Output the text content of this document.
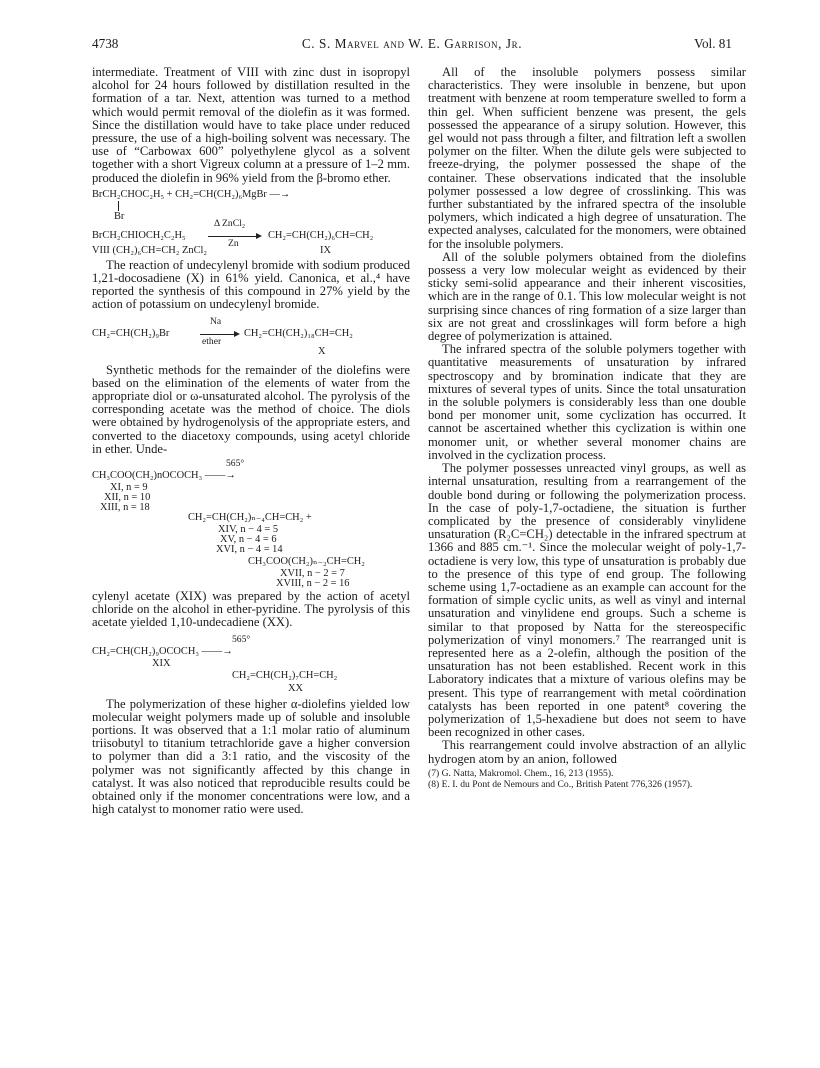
4738	C. S. Marvel and W. E. Garrison, Jr.	Vol. 81

intermediate. Treatment of VIII with zinc dust in isopropyl alcohol for 24 hours followed by distillation resulted in the formation of a tar. Next, attention was turned to a method which would permit removal of the diolefin as it was formed. Since the distillation would have to take place under reduced pressure, the use of a high-boiling solvent was necessary. The use of “Carbowax 600” polyethylene glycol as a solvent together with a short Vigreux column at a pressure of 1–2 mm. produced the diolefin in 96% yield from the β-bromo ether.

BrCH₂CHOC₂H₅ + CH₂=CH(CH₂)₆MgBr —→
Br
Δ ZnCl₂
BrCH₂CHIOCH₂C₂H₅
Zn
CH₂=CH(CH₂)₆CH=CH₂
VIII (CH₂)₆CH=CH₂ ZnCl₂	IX

The reaction of undecylenyl bromide with sodium produced 1,21-docosadiene (X) in 61% yield. Canonica, et al.,⁴ have reported the synthesis of this compound in 27% yield by the action of potassium on undecylenyl bromide.

Na
CH₂=CH(CH₂)₉Br
ether
CH₂=CH(CH₂)₁₈CH=CH₂
X

Synthetic methods for the remainder of the diolefins were based on the elimination of the elements of water from the appropriate diol or ω-unsaturated alcohol. The pyrolysis of the corresponding acetate was the method of choice. The diols were obtained by hydrogenolysis of the appropriate esters, and converted to the diacetoxy compounds, using acetyl chloride in ether. Unde-

565°
CH₃COO(CH₂)nOCOCH₃ ——→
XI, n = 9
XII, n = 10
XIII, n = 18
CH₂=CH(CH₂)ₙ₋₄CH=CH₂ +
XIV, n − 4 = 5
XV, n − 4 = 6
XVI, n − 4 = 14
CH₃COO(CH₂)ₙ₋₂CH=CH₂
XVII, n − 2 = 7
XVIII, n − 2 = 16

cylenyl acetate (XIX) was prepared by the action of acetyl chloride on the alcohol in ether-pyridine. The pyrolysis of this acetate yielded 1,10-undecadiene (XX).

565°
CH₂=CH(CH₂)₉OCOCH₃ ——→
XIX
CH₂=CH(CH₂)₇CH=CH₂
XX

The polymerization of these higher α-diolefins yielded low molecular weight polymers made up of soluble and insoluble portions. It was observed that a 1:1 molar ratio of aluminum triisobutyl to titanium tetrachloride gave a higher conversion to polymer than did a 3:1 ratio, and the viscosity of the polymer was not significantly affected by this change in catalyst. It was also noticed that reproducible results could be obtained only if the monomer concentrations were low, and a high catalyst to monomer ratio were used.

All of the insoluble polymers possess similar characteristics. They were insoluble in benzene, but upon treatment with benzene at room temperature swelled to form a thin gel. When sufficient benzene was present, the gels possessed the appearance of a sirupy solution. However, this gel would not pass through a filter, and filtration left a swollen polymer on the filter. When the dilute gels were subjected to freeze-drying, the polymer possessed the shape of the container. These observations indicated that the insoluble polymer possessed a low degree of crosslinking. This was further substantiated by the infrared spectra of the insoluble polymers, which indicated a high degree of unsaturation. The expected analyses, calculated for the monomers, were obtained for the insoluble polymers.

All of the soluble polymers obtained from the diolefins possess a very low molecular weight as evidenced by their sticky semi-solid appearance and their inherent viscosities, which are in the range of 0.1. This low molecular weight is not surprising since chances of ring formation of a size larger than six are not great and crosslinkages will form before a high degree of polymerization is attained.

The infrared spectra of the soluble polymers together with quantitative measurements of unsaturation by infrared spectroscopy and by bromination indicate that they are mixtures of several types of units. Since the total unsaturation in the soluble polymers is considerably less than one double bond per monomer unit, some cyclization has occurred. It cannot be ascertained whether this cyclization is within one monomer unit, or whether several monomer chains are involved in the cyclization process.

The polymer possesses unreacted vinyl groups, as well as internal unsaturation, resulting from a rearrangement of the double bond during or following the polymerization process. In the case of poly-1,7-octadiene, the situation is further complicated by the presence of considerably vinylidene unsaturation (R₂C=CH₂) detectable in the infrared spectrum at 1366 and 885 cm.⁻¹. Since the molecular weight of poly-1,7-octadiene is very low, this type of unsaturation is probably due to the presence of this type of end group. The following scheme using 1,7-octadiene as an example can account for the formation of simple cyclic units, as well as vinyl and internal unsaturation and vinylidene end groups. Such a scheme is similar to that proposed by Natta for the stereospecific polymerization of vinyl monomers.⁷ The rearranged unit is represented here as a 2-olefin, although the position of the unsaturation has not been established. Recent work in this Laboratory indicates that a mixture of various olefins may be present. This type of rearrangement with metal coördination catalysts has been reported in one patent⁸ covering the polymerization of 1,5-hexadiene but does not seem to have been recognized in other cases.

This rearrangement could involve abstraction of an allylic hydrogen atom by an anion, followed

(7) G. Natta, Makromol. Chem., 16, 213 (1955).
(8) E. I. du Pont de Nemours and Co., British Patent 776,326 (1957).
